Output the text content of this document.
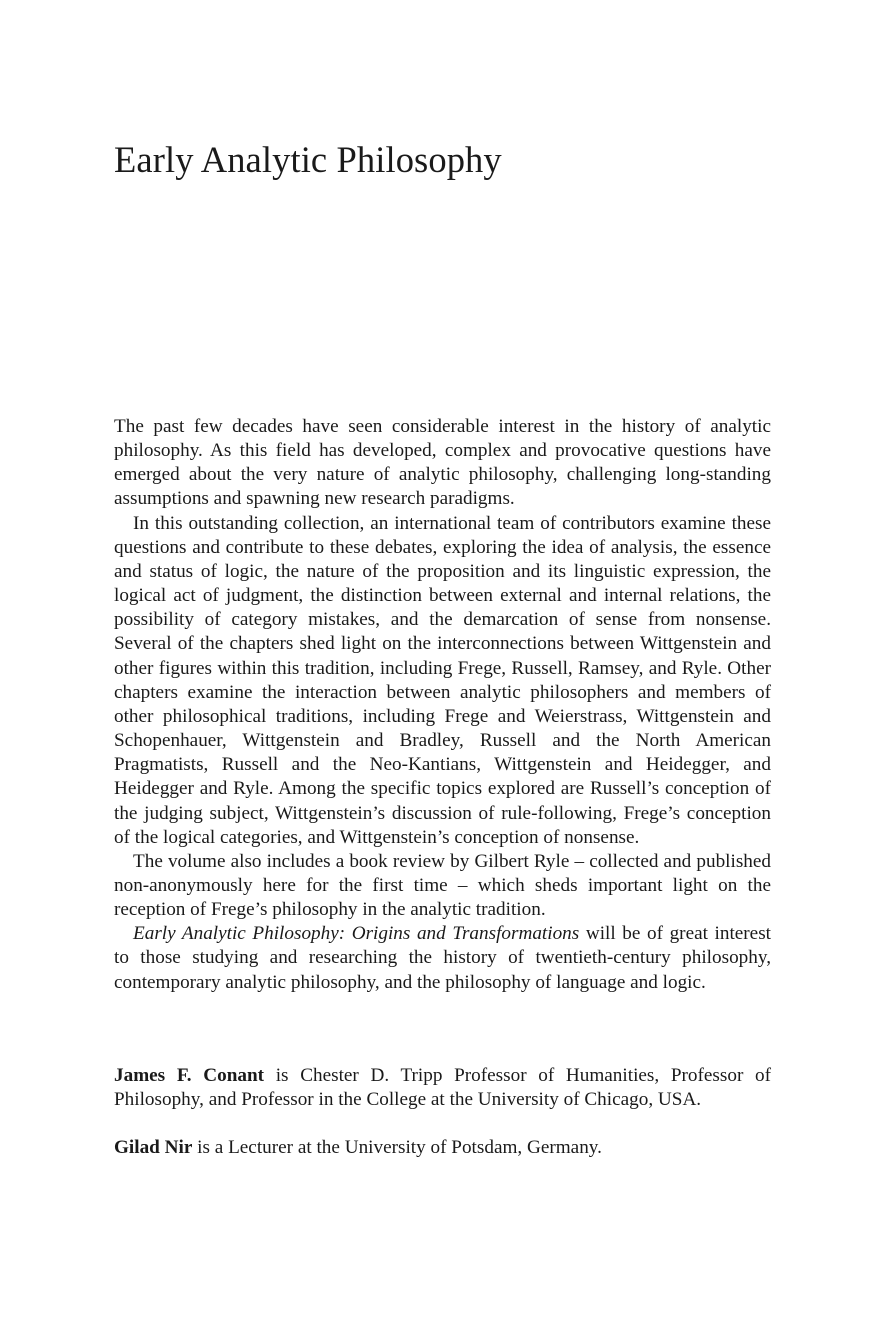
Early Analytic Philosophy

The past few decades have seen considerable interest in the history of analytic philosophy. As this field has developed, complex and provocative questions have emerged about the very nature of analytic philosophy, challenging long-standing assumptions and spawning new research paradigms.

In this outstanding collection, an international team of contributors examine these questions and contribute to these debates, exploring the idea of analysis, the essence and status of logic, the nature of the proposition and its linguistic expression, the logical act of judgment, the distinction between external and internal relations, the possibility of category mistakes, and the demarcation of sense from nonsense. Several of the chapters shed light on the interconnections between Wittgenstein and other figures within this tradition, including Frege, Russell, Ramsey, and Ryle. Other chapters examine the interaction between analytic philosophers and members of other philosophical traditions, including Frege and Weierstrass, Wittgenstein and Schopenhauer, Wittgenstein and Bradley, Russell and the North American Pragmatists, Russell and the Neo-Kantians, Wittgenstein and Heidegger, and Heidegger and Ryle. Among the specific topics explored are Russell’s conception of the judging subject, Wittgenstein’s discussion of rule-following, Frege’s conception of the logical categories, and Wittgenstein’s conception of nonsense.

The volume also includes a book review by Gilbert Ryle – collected and published non-anonymously here for the first time – which sheds important light on the reception of Frege’s philosophy in the analytic tradition.

Early Analytic Philosophy: Origins and Transformations will be of great interest to those studying and researching the history of twentieth-century philosophy, contemporary analytic philosophy, and the philosophy of language and logic.

James F. Conant is Chester D. Tripp Professor of Humanities, Professor of Philosophy, and Professor in the College at the University of Chicago, USA.

Gilad Nir is a Lecturer at the University of Potsdam, Germany.
